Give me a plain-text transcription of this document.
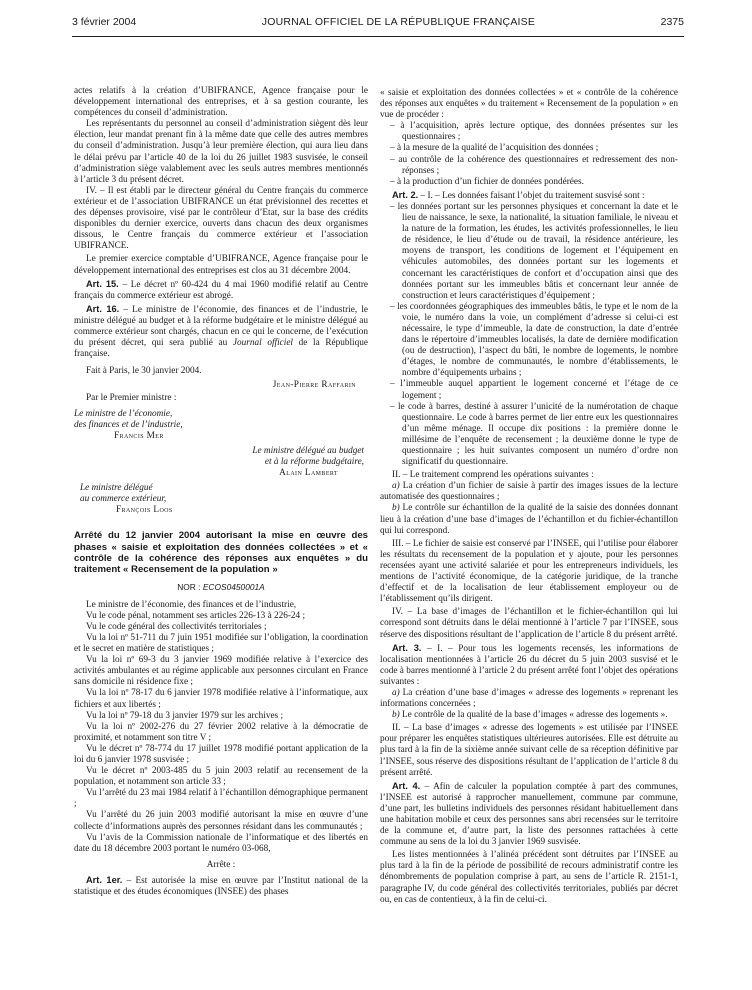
3 février 2004	JOURNAL OFFICIEL DE LA RÉPUBLIQUE FRANÇAISE	2375

actes relatifs à la création d’UBIFRANCE, Agence française pour le développement international des entreprises, et à sa gestion courante, les compétences du conseil d’administration.

Les représentants du personnel au conseil d’administration siègent dès leur élection, leur mandat prenant fin à la même date que celle des autres membres du conseil d’administration. Jusqu’à leur première élection, qui aura lieu dans le délai prévu par l’article 40 de la loi du 26 juillet 1983 susvisée, le conseil d’administration siège valablement avec les seuls autres membres mentionnés à l’article 3 du présent décret.

IV. – Il est établi par le directeur général du Centre français du commerce extérieur et de l’association UBIFRANCE un état prévisionnel des recettes et des dépenses provisoire, visé par le contrôleur d’Etat, sur la base des crédits disponibles du dernier exercice, ouverts dans chacun des deux organismes dissous, le Centre français du commerce extérieur et l’association UBIFRANCE.

Le premier exercice comptable d’UBIFRANCE, Agence française pour le développement international des entreprises est clos au 31 décembre 2004.

Art. 15. – Le décret nº 60-424 du 4 mai 1960 modifié relatif au Centre français du commerce extérieur est abrogé.

Art. 16. – Le ministre de l’économie, des finances et de l’industrie, le ministre délégué au budget et à la réforme budgétaire et le ministre délégué au commerce extérieur sont chargés, chacun en ce qui le concerne, de l’exécution du présent décret, qui sera publié au Journal officiel de la République française.

Fait à Paris, le 30 janvier 2004.

Jean-Pierre Raffarin

Par le Premier ministre :

Le ministre de l’économie,

des finances et de l’industrie,

Francis Mer

Le ministre délégué au budget

et à la réforme budgétaire,

Alain Lambert

Le ministre délégué

au commerce extérieur,

François Loos

Arrêté du 12 janvier 2004 autorisant la mise en œuvre des phases « saisie et exploitation des données collectées » et « contrôle de la cohérence des réponses aux enquêtes » du traitement « Recensement de la population »

NOR : ECOS0450001A

Le ministre de l’économie, des finances et de l’industrie,

Vu le code pénal, notamment ses articles 226-13 à 226-24 ;

Vu le code général des collectivités territoriales ;

Vu la loi nº 51-711 du 7 juin 1951 modifiée sur l’obligation, la coordination et le secret en matière de statistiques ;

Vu la loi nº 69-3 du 3 janvier 1969 modifiée relative à l’exercice des activités ambulantes et au régime applicable aux personnes circulant en France sans domicile ni résidence fixe ;

Vu la loi nº 78-17 du 6 janvier 1978 modifiée relative à l’informatique, aux fichiers et aux libertés ;

Vu la loi nº 79-18 du 3 janvier 1979 sur les archives ;

Vu la loi nº 2002-276 du 27 février 2002 relative à la démocratie de proximité, et notamment son titre V ;

Vu le décret nº 78-774 du 17 juillet 1978 modifié portant application de la loi du 6 janvier 1978 susvisée ;

Vu le décret nº 2003-485 du 5 juin 2003 relatif au recensement de la population, et notamment son article 33 ;

Vu l’arrêté du 23 mai 1984 relatif à l’échantillon démographique permanent ;

Vu l’arrêté du 26 juin 2003 modifié autorisant la mise en œuvre d’une collecte d’informations auprès des personnes résidant dans les communautés ;

Vu l’avis de la Commission nationale de l’informatique et des libertés en date du 18 décembre 2003 portant le numéro 03-068,

Arrête :

Art. 1er. – Est autorisée la mise en œuvre par l’Institut national de la statistique et des études économiques (INSEE) des phases

« saisie et exploitation des données collectées » et « contrôle de la cohérence des réponses aux enquêtes » du traitement « Recensement de la population » en vue de procéder :

– à l’acquisition, après lecture optique, des données présentes sur les questionnaires ;

– à la mesure de la qualité de l’acquisition des données ;

– au contrôle de la cohérence des questionnaires et redressement des non-réponses ;

– à la production d’un fichier de données pondérées.

Art. 2. – I. – Les données faisant l’objet du traitement susvisé sont :

– les données portant sur les personnes physiques et concernant la date et le lieu de naissance, le sexe, la nationalité, la situation familiale, le niveau et la nature de la formation, les études, les activités professionnelles, le lieu de résidence, le lieu d’étude ou de travail, la résidence antérieure, les moyens de transport, les conditions de logement et l’équipement en véhicules automobiles, des données portant sur les logements et concernant les caractéristiques de confort et d’occupation ainsi que des données portant sur les immeubles bâtis et concernant leur année de construction et leurs caractéristiques d’équipement ;

– les coordonnées géographiques des immeubles bâtis, le type et le nom de la voie, le numéro dans la voie, un complément d’adresse si celui-ci est nécessaire, le type d’immeuble, la date de construction, la date d’entrée dans le répertoire d’immeubles localisés, la date de dernière modification (ou de destruction), l’aspect du bâti, le nombre de logements, le nombre d’étages, le nombre de communautés, le nombre d’établissements, le nombre d’équipements urbains ;

– l’immeuble auquel appartient le logement concerné et l’étage de ce logement ;

– le code à barres, destiné à assurer l’unicité de la numérotation de chaque questionnaire. Le code à barres permet de lier entre eux les questionnaires d’un même ménage. Il occupe dix positions : la première donne le millésime de l’enquête de recensement ; la deuxième donne le type de questionnaire ; les huit suivantes composent un numéro d’ordre non significatif du questionnaire.

II. – Le traitement comprend les opérations suivantes :

a) La création d’un fichier de saisie à partir des images issues de la lecture automatisée des questionnaires ;

b) Le contrôle sur échantillon de la qualité de la saisie des données donnant lieu à la création d’une base d’images de l’échantillon et du fichier-échantillon qui lui correspond.

III. – Le fichier de saisie est conservé par l’INSEE, qui l’utilise pour élaborer les résultats du recensement de la population et y ajoute, pour les personnes recensées ayant une activité salariée et pour les entrepreneurs individuels, les mentions de l’activité économique, de la catégorie juridique, de la tranche d’effectif et de la localisation de leur établissement employeur ou de l’établissement qu’ils dirigent.

IV. – La base d’images de l’échantillon et le fichier-échantillon qui lui correspond sont détruits dans le délai mentionné à l’article 7 par l’INSEE, sous réserve des dispositions résultant de l’application de l’article 8 du présent arrêté.

Art. 3. – I. – Pour tous les logements recensés, les informations de localisation mentionnées à l’article 26 du décret du 5 juin 2003 susvisé et le code à barres mentionné à l’article 2 du présent arrêté font l’objet des opérations suivantes :

a) La création d’une base d’images « adresse des logements » reprenant les informations concernées ;

b) Le contrôle de la qualité de la base d’images « adresse des logements ».

II. – La base d’images « adresse des logements » est utilisée par l’INSEE pour préparer les enquêtes statistiques ultérieures autorisées. Elle est détruite au plus tard à la fin de la sixième année suivant celle de sa réception définitive par l’INSEE, sous réserve des dispositions résultant de l’application de l’article 8 du présent arrêté.

Art. 4. – Afin de calculer la population comptée à part des communes, l’INSEE est autorisé à rapprocher manuellement, commune par commune, d’une part, les bulletins individuels des personnes résidant habituellement dans une habitation mobile et ceux des personnes sans abri recensées sur le territoire de la commune et, d’autre part, la liste des personnes rattachées à cette commune au sens de la loi du 3 janvier 1969 susvisée.

Les listes mentionnées à l’alinéa précédent sont détruites par l’INSEE au plus tard à la fin de la période de possibilité de recours administratif contre les dénombrements de population comprise à part, au sens de l’article R. 2151-1, paragraphe IV, du code général des collectivités territoriales, publiés par décret ou, en cas de contentieux, à la fin de celui-ci.
